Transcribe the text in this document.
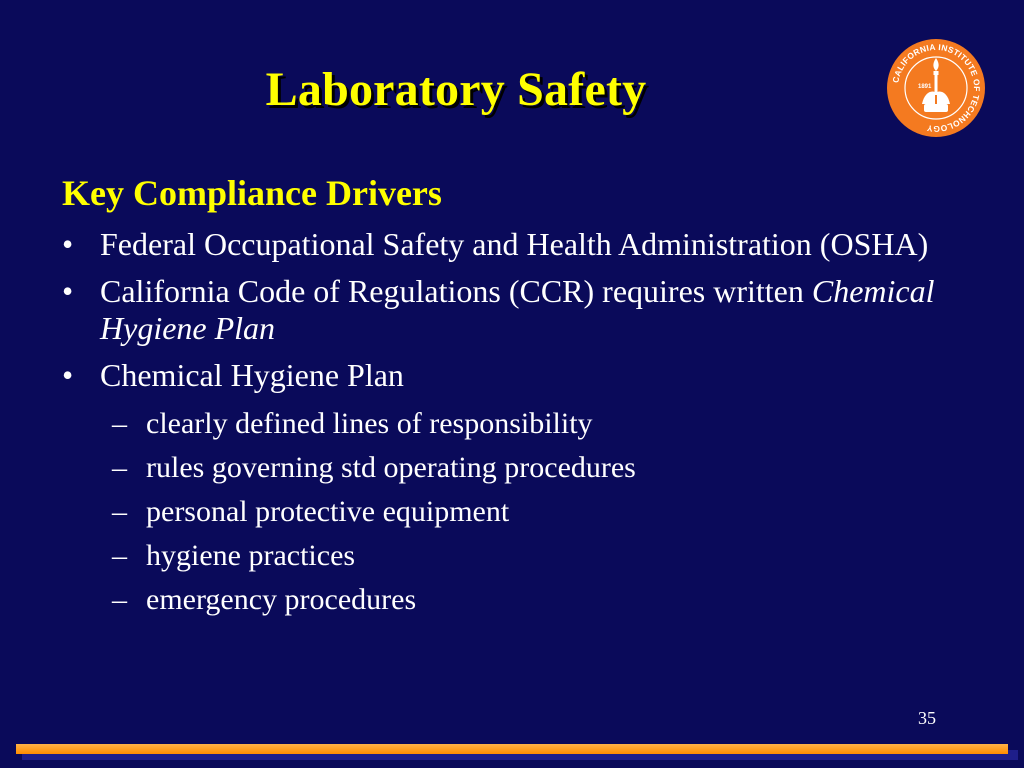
Laboratory Safety	CALIFORNIA INSTITUTE OF TECHNOLOGY
1891
Key Compliance Drivers
• Federal Occupational Safety and Health Administration (OSHA)
• California Code of Regulations (CCR) requires written Chemical Hygiene Plan
• Chemical Hygiene Plan
– clearly defined lines of responsibility
– rules governing std operating procedures
– personal protective equipment
– hygiene practices
– emergency procedures
35
